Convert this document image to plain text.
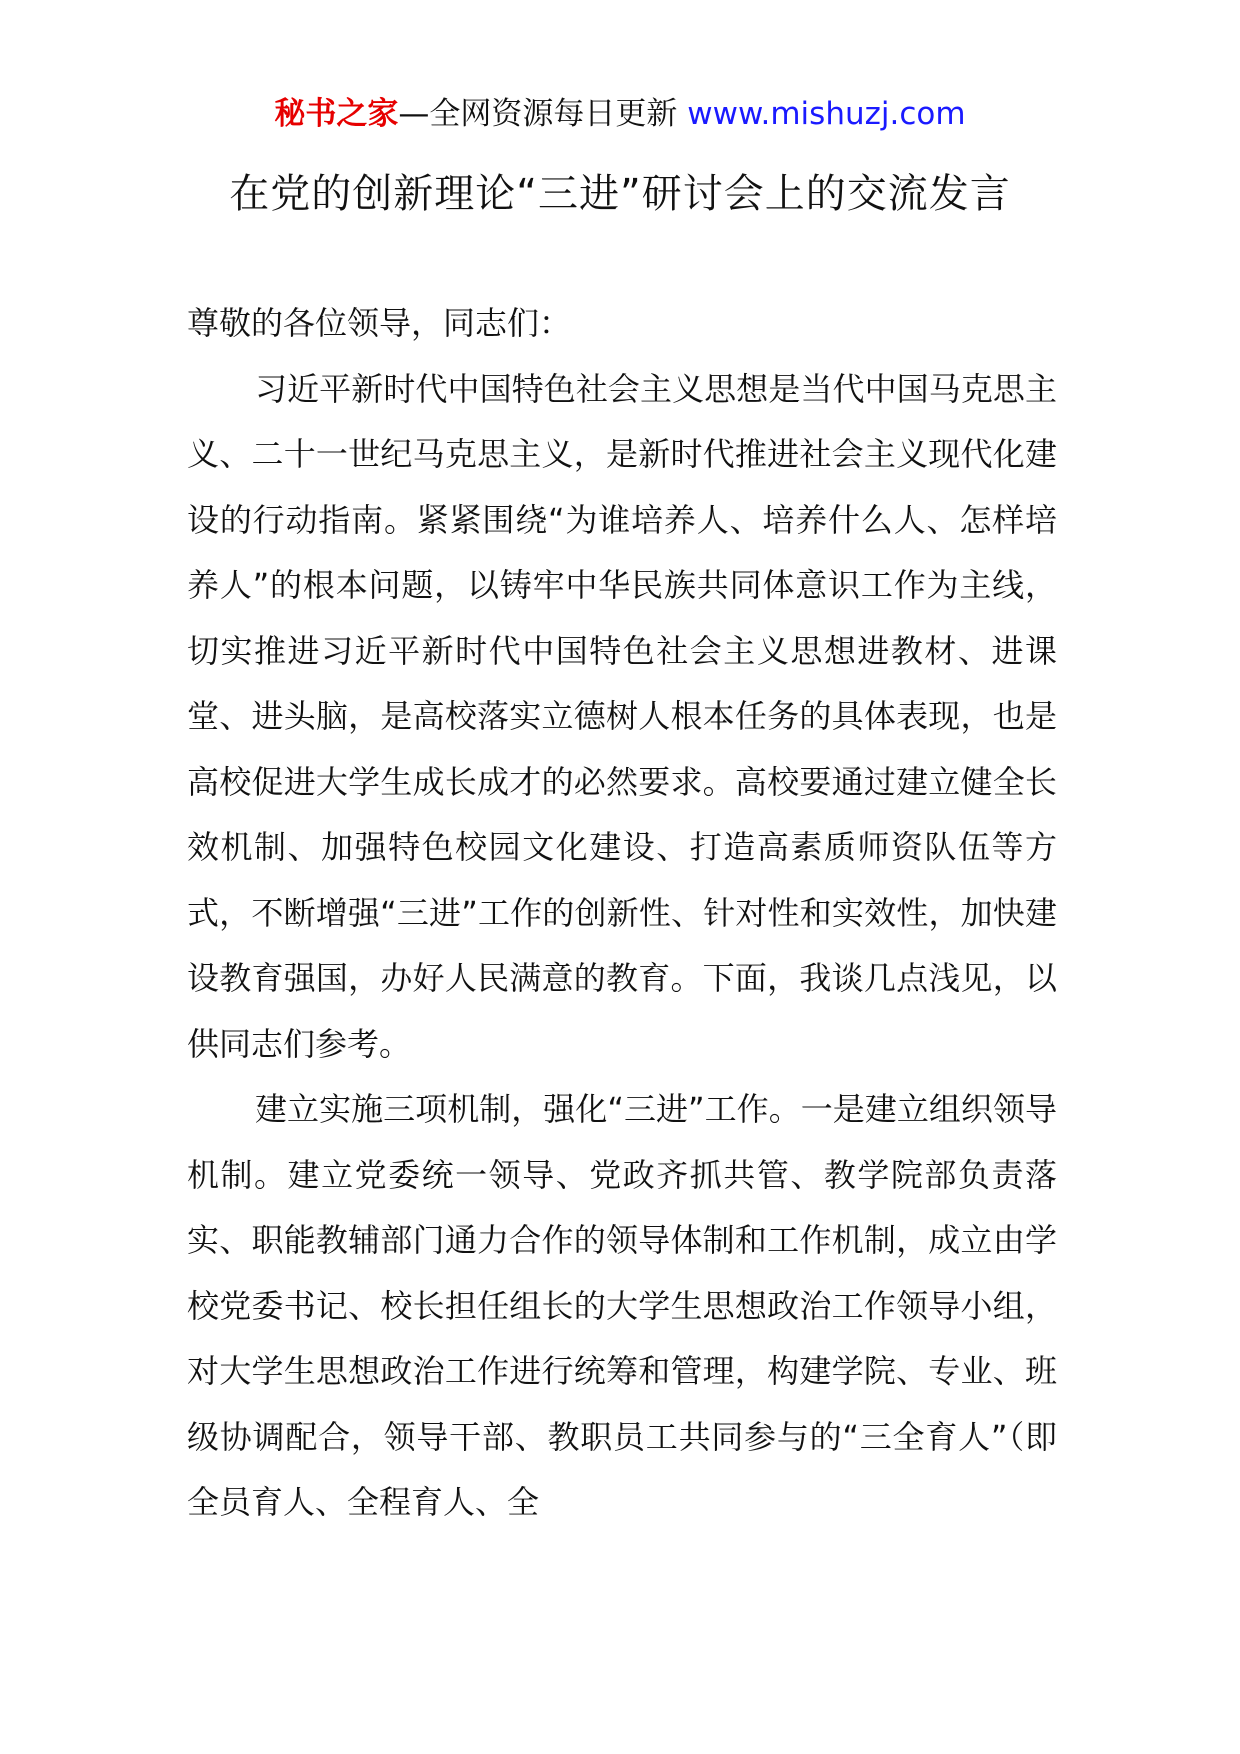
秘书之家—全网资源每日更新 www.mishuzj.com
在党的创新理论“三进”研讨会上的交流发言

尊敬的各位领导，同志们：

习近平新时代中国特色社会主义思想是当代中国马克思主义、二十一世纪马克思主义，是新时代推进社会主义现代化建设的行动指南。紧紧围绕“为谁培养人、培养什么人、怎样培养人”的根本问题，以铸牢中华民族共同体意识工作为主线，切实推进习近平新时代中国特色社会主义思想进教材、进课堂、进头脑，是高校落实立德树人根本任务的具体表现，也是高校促进大学生成长成才的必然要求。高校要通过建立健全长效机制、加强特色校园文化建设、打造高素质师资队伍等方式，不断增强“三进”工作的创新性、针对性和实效性，加快建设教育强国，办好人民满意的教育。下面，我谈几点浅见，以供同志们参考。

建立实施三项机制，强化“三进”工作。一是建立组织领导机制。建立党委统一领导、党政齐抓共管、教学院部负责落实、职能教辅部门通力合作的领导体制和工作机制，成立由学校党委书记、校长担任组长的大学生思想政治工作领导小组，对大学生思想政治工作进行统筹和管理，构建学院、专业、班级协调配合，领导干部、教职员工共同参与的“三全育人”（即全员育人、全程育人、全
